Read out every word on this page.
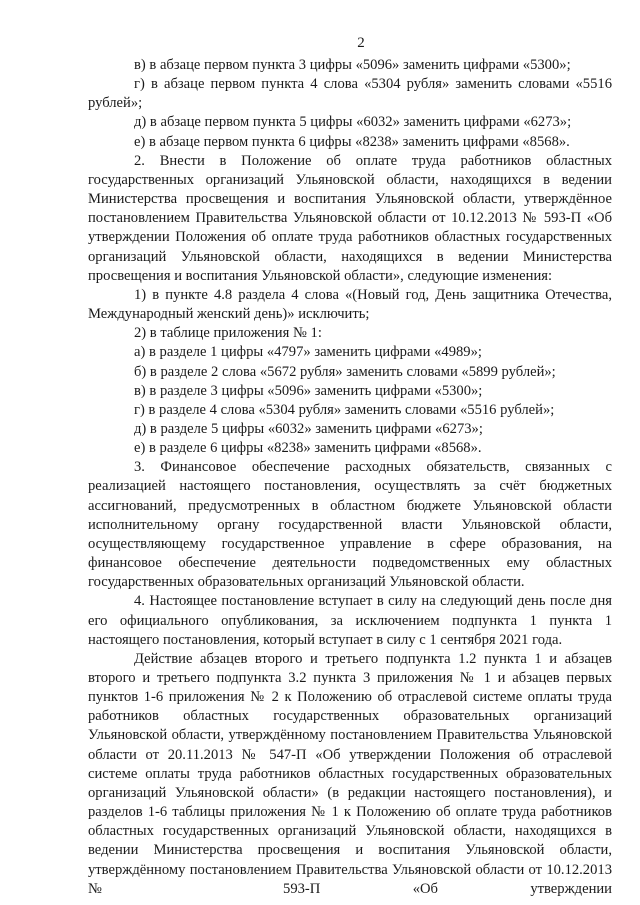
2

в) в абзаце первом пункта 3 цифры «5096» заменить цифрами «5300»;

г) в абзаце первом пункта 4 слова «5304 рубля» заменить словами «5516 рублей»;

д) в абзаце первом пункта 5 цифры «6032» заменить цифрами «6273»;

е) в абзаце первом пункта 6 цифры «8238» заменить цифрами «8568».

2. Внести в Положение об оплате труда работников областных государственных организаций Ульяновской области, находящихся в ведении Министерства просвещения и воспитания Ульяновской области, утверждённое постановлением Правительства Ульяновской области от 10.12.2013 № 593-П «Об утверждении Положения об оплате труда работников областных государственных организаций Ульяновской области, находящихся в ведении Министерства просвещения и воспитания Ульяновской области», следующие изменения:

1) в пункте 4.8 раздела 4 слова «(Новый год, День защитника Отечества, Международный женский день)» исключить;

2) в таблице приложения № 1:

а) в разделе 1 цифры «4797» заменить цифрами «4989»;

б) в разделе 2 слова «5672 рубля» заменить словами «5899 рублей»;

в) в разделе 3 цифры «5096» заменить цифрами «5300»;

г) в разделе 4 слова «5304 рубля» заменить словами «5516 рублей»;

д) в разделе 5 цифры «6032» заменить цифрами «6273»;

е) в разделе 6 цифры «8238» заменить цифрами «8568».

3. Финансовое обеспечение расходных обязательств, связанных с реализацией настоящего постановления, осуществлять за счёт бюджетных ассигнований, предусмотренных в областном бюджете Ульяновской области исполнительному органу государственной власти Ульяновской области, осуществляющему государственное управление в сфере образования, на финансовое обеспечение деятельности подведомственных ему областных государственных образовательных организаций Ульяновской области.

4. Настоящее постановление вступает в силу на следующий день после дня его официального опубликования, за исключением подпункта 1 пункта 1 настоящего постановления, который вступает в силу с 1 сентября 2021 года.

Действие абзацев второго и третьего подпункта 1.2 пункта 1 и абзацев второго и третьего подпункта 3.2 пункта 3 приложения № 1 и абзацев первых пунктов 1-6 приложения № 2 к Положению об отраслевой системе оплаты труда работников областных государственных образовательных организаций Ульяновской области, утверждённому постановлением Правительства Ульяновской области от 20.11.2013 № 547-П «Об утверждении Положения об отраслевой системе оплаты труда работников областных государственных образовательных организаций Ульяновской области» (в редакции настоящего постановления), и разделов 1-6 таблицы приложения № 1 к Положению об оплате труда работников областных государственных организаций Ульяновской области, находящихся в ведении Министерства просвещения и воспитания Ульяновской области, утверждённому постановлением Правительства Ульяновской области от 10.12.2013 № 593-П «Об утверждении
